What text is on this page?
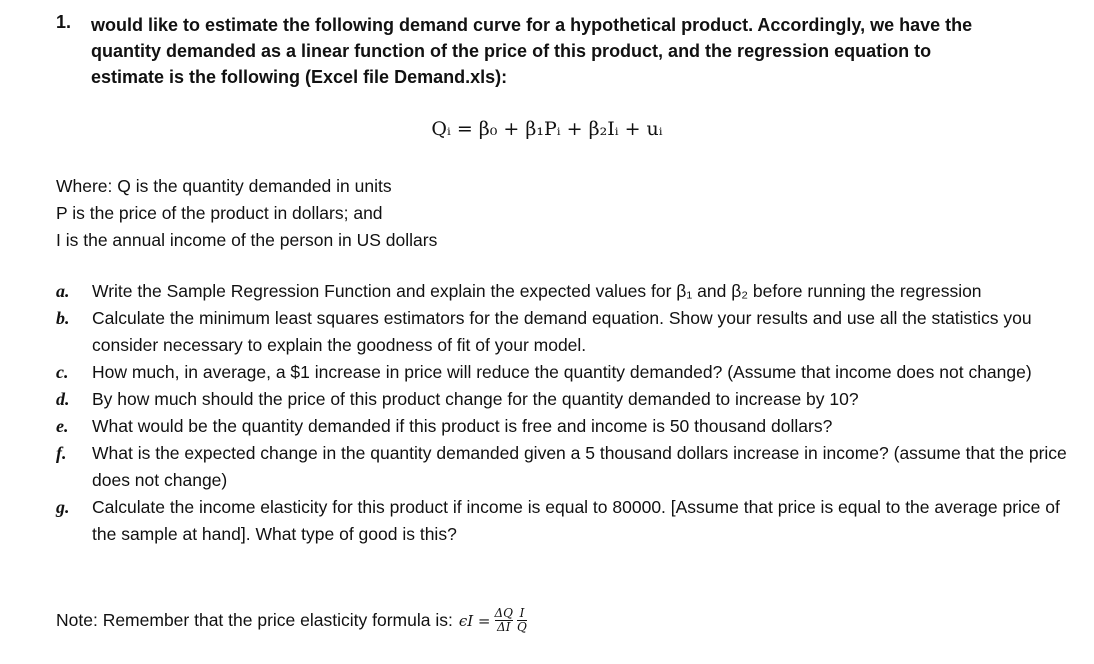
1. would like to estimate the following demand curve for a hypothetical product. Accordingly, we have the quantity demanded as a linear function of the price of this product, and the regression equation to estimate is the following (Excel file Demand.xls):
Qᵢ = β₀ + β₁Pᵢ + β₂Iᵢ + uᵢ
Where: Q is the quantity demanded in units
P is the price of the product in dollars; and
I is the annual income of the person in US dollars
a.	Write the Sample Regression Function and explain the expected values for β₁ and β₂ before running the regression
b.	Calculate the minimum least squares estimators for the demand equation. Show your results and use all the statistics you consider necessary to explain the goodness of fit of your model.
c.	How much, in average, a $1 increase in price will reduce the quantity demanded? (Assume that income does not change)
d.	By how much should the price of this product change for the quantity demanded to increase by 10?
e.	What would be the quantity demanded if this product is free and income is 50 thousand dollars?
f.	What is the expected change in the quantity demanded given a 5 thousand dollars increase in income? (assume that the price does not change)
g.	Calculate the income elasticity for this product if income is equal to 80000. [Assume that price is equal to the average price of the sample at hand]. What type of good is this?
Note: Remember that the price elasticity formula is: $\epsilon I = \frac{\Delta Q}{\Delta I} \frac{I}{Q}$
